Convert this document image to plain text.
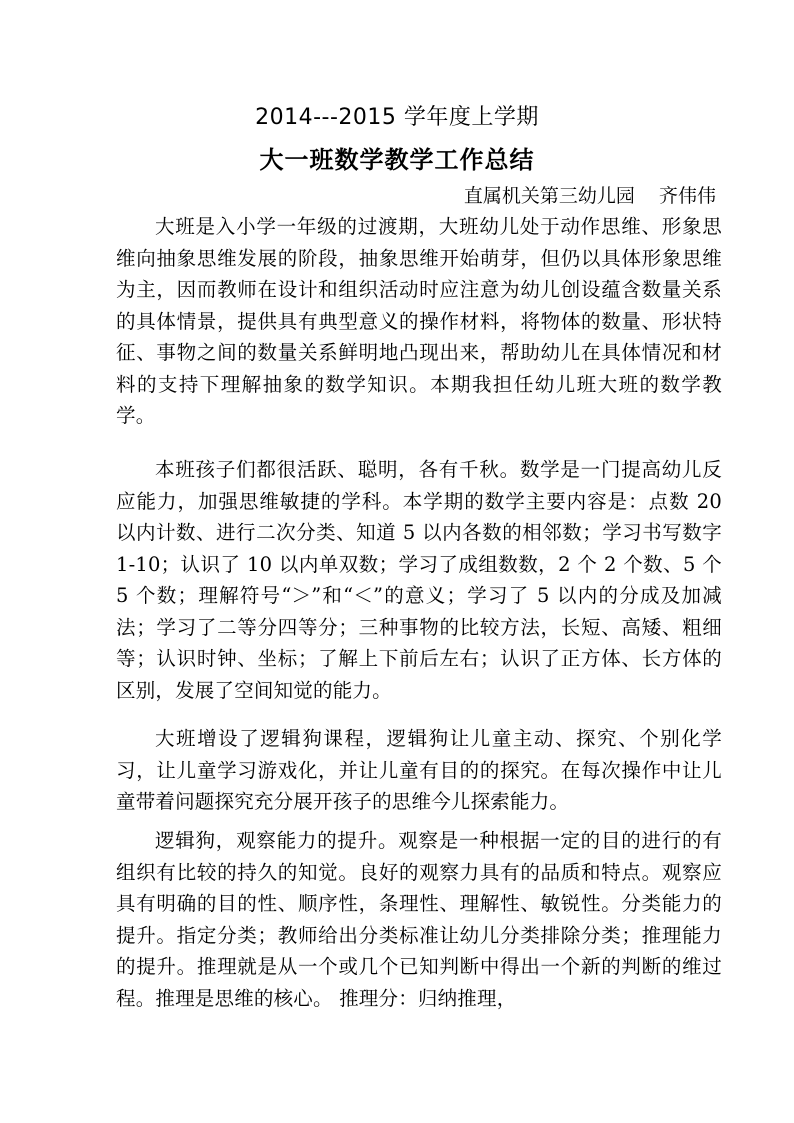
2014---2015 学年度上学期
大一班数学教学工作总结
直属机关第三幼儿园    齐伟伟

大班是入小学一年级的过渡期，大班幼儿处于动作思维、形象思维向抽象思维发展的阶段，抽象思维开始萌芽，但仍以具体形象思维为主，因而教师在设计和组织活动时应注意为幼儿创设蕴含数量关系的具体情景，提供具有典型意义的操作材料，将物体的数量、形状特征、事物之间的数量关系鲜明地凸现出来，帮助幼儿在具体情况和材料的支持下理解抽象的数学知识。本期我担任幼儿班大班的数学教学。

本班孩子们都很活跃、聪明，各有千秋。数学是一门提高幼儿反应能力，加强思维敏捷的学科。本学期的数学主要内容是：点数 20 以内计数、进行二次分类、知道 5 以内各数的相邻数；学习书写数字 1-10；认识了 10 以内单双数；学习了成组数数，2 个 2 个数、5 个 5 个数；理解符号“＞”和“＜”的意义；学习了 5 以内的分成及加减法；学习了二等分四等分；三种事物的比较方法，长短、高矮、粗细等；认识时钟、坐标；了解上下前后左右；认识了正方体、长方体的区别，发展了空间知觉的能力。

大班增设了逻辑狗课程，逻辑狗让儿童主动、探究、个别化学习，让儿童学习游戏化，并让儿童有目的的探究。在每次操作中让儿童带着问题探究充分展开孩子的思维今儿探索能力。

逻辑狗，观察能力的提升。观察是一种根据一定的目的进行的有组织有比较的持久的知觉。良好的观察力具有的品质和特点。观察应具有明确的目的性、顺序性，条理性、理解性、敏锐性。分类能力的提升。指定分类；教师给出分类标准让幼儿分类排除分类；推理能力的提升。推理就是从一个或几个已知判断中得出一个新的判断的维过程。推理是思维的核心。 推理分：归纳推理，
